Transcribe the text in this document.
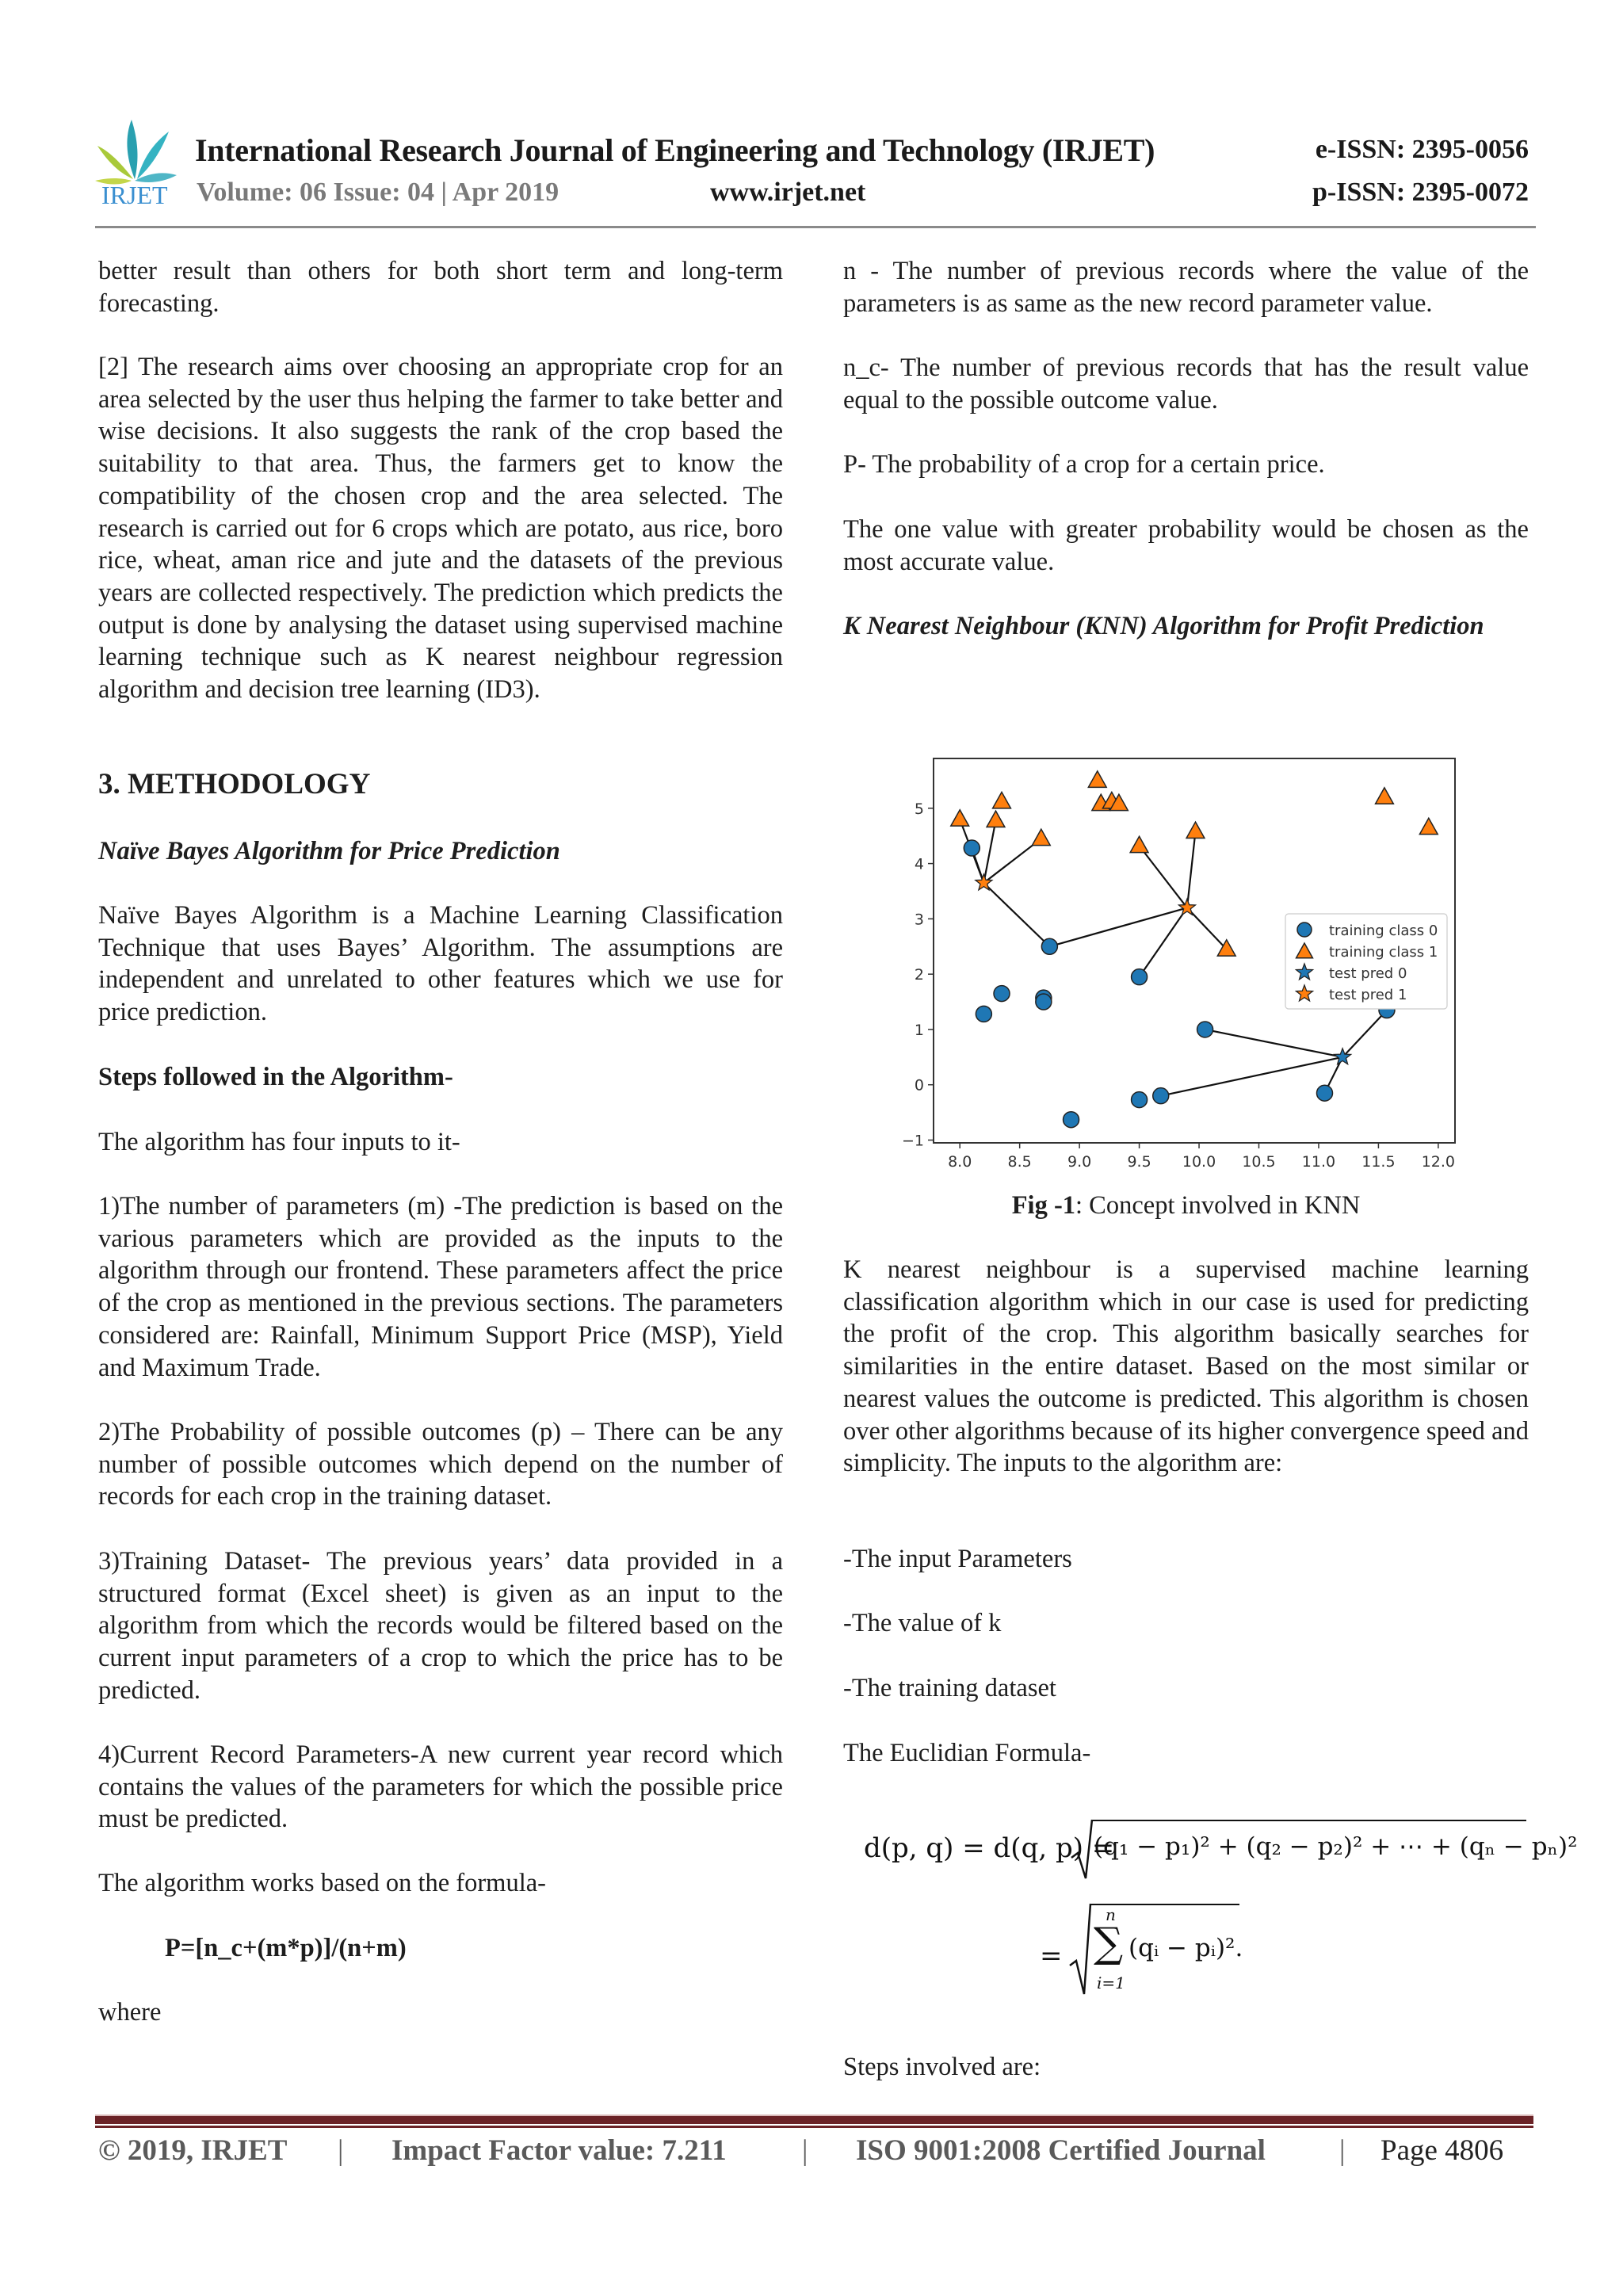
IRJET
International Research Journal of Engineering and Technology (IRJET)	e-ISSN: 2395-0056
Volume: 06 Issue: 04 | Apr 2019	www.irjet.net	p-ISSN: 2395-0072

better result than others for both short term and long-term forecasting.

[2] The research aims over choosing an appropriate crop for an area selected by the user thus helping the farmer to take better and wise decisions. It also suggests the rank of the crop based the suitability to that area. Thus, the farmers get to know the compatibility of the chosen crop and the area selected. The research is carried out for 6 crops which are potato, aus rice, boro rice, wheat, aman rice and jute and the datasets of the previous years are collected respectively. The prediction which predicts the output is done by analysing the dataset using supervised machine learning technique such as K nearest neighbour regression algorithm and decision tree learning (ID3).

3. METHODOLOGY
Naïve Bayes Algorithm for Price Prediction

Naïve Bayes Algorithm is a Machine Learning Classification Technique that uses Bayes’ Algorithm. The assumptions are independent and unrelated to other features which we use for price prediction.

Steps followed in the Algorithm-

The algorithm has four inputs to it-

1)The number of parameters (m) -The prediction is based on the various parameters which are provided as the inputs to the algorithm through our frontend. These parameters affect the price of the crop as mentioned in the previous sections. The parameters considered are: Rainfall, Minimum Support Price (MSP), Yield and Maximum Trade.

2)The Probability of possible outcomes (p) – There can be any number of possible outcomes which depend on the number of records for each crop in the training dataset.

3)Training Dataset- The previous years’ data provided in a structured format (Excel sheet) is given as an input to the algorithm from which the records would be filtered based on the current input parameters of a crop to which the price has to be predicted.

4)Current Record Parameters-A new current year record which contains the values of the parameters for which the possible price must be predicted.

The algorithm works based on the formula-

P=[n_c+(m*p)]/(n+m)

where

n - The number of previous records where the value of the parameters is as same as the new record parameter value.

n_c- The number of previous records that has the result value equal to the possible outcome value.

P- The probability of a crop for a certain price.

The one value with greater probability would be chosen as the most accurate value.

K Nearest Neighbour (KNN) Algorithm for Profit Prediction
8.0 8.5 9.0 9.5 10.0 10.5 11.0 11.5 12.0
−1
0
1
2
3
4
5
training class 0
training class 1
test pred 0
test pred 1
Fig -1: Concept involved in KNN

K nearest neighbour is a supervised machine learning classification algorithm which in our case is used for predicting the profit of the crop. This algorithm basically searches for similarities in the entire dataset. Based on the most similar or nearest values the outcome is predicted. This algorithm is chosen over other algorithms because of its higher convergence speed and simplicity. The inputs to the algorithm are:

-The input Parameters

-The value of k

-The training dataset

The Euclidian Formula-

d(p, q) = d(q, p) =
(q₁ − p₁)² + (q₂ − p₂)² + ⋯ + (qₙ − pₙ)²
= ∑
n
i=1
(qᵢ − pᵢ)².

Steps involved are:

© 2019, IRJET | Impact Factor value: 7.211	| ISO 9001:2008 Certified Journal	| Page 4806
